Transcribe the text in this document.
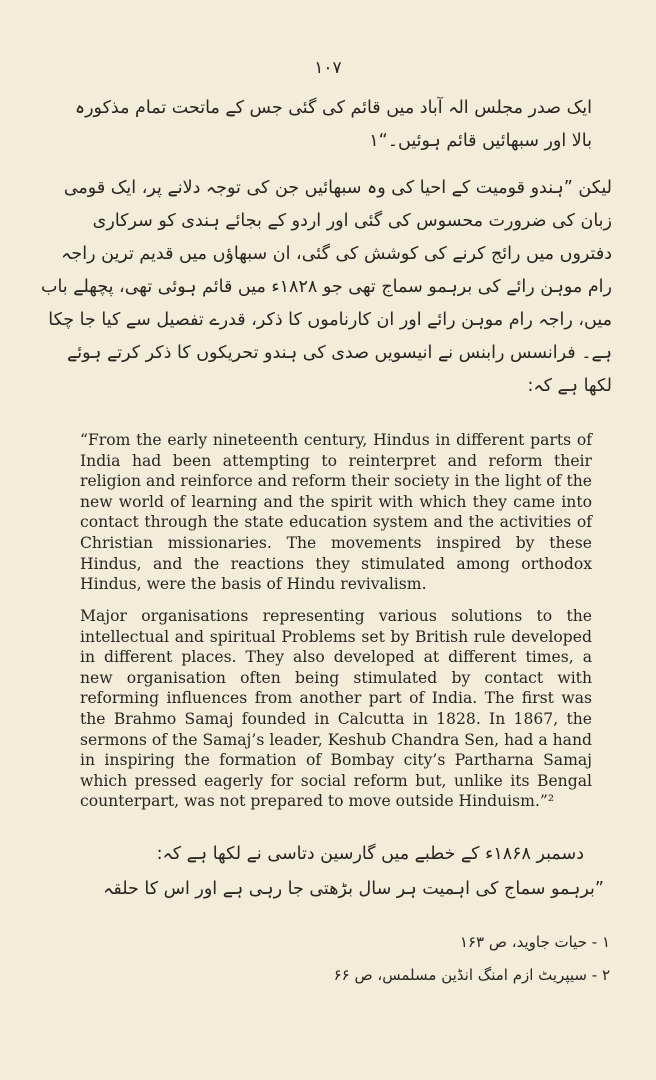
۱۰۷
ایک صدر مجلس الہ آباد میں قائم کی گئی جس کے ماتحت تمام مذکورہ بالا اور سبھائیں قائم ہوئیں۔“۱
لیکن ”ہندو قومیت کے احیا کی وہ سبھائیں جن کی توجہ دلانے پر، ایک قومی زبان کی ضرورت محسوس کی گئی اور اردو کے بجائے ہندی کو سرکاری دفتروں میں رائج کرنے کی کوشش کی گئی، ان سبھاؤں میں قدیم ترین راجہ رام موہن رائے کی برہمو سماج تھی جو ۱۸۲۸ء میں قائم ہوئی تھی، پچھلے باب میں، راجہ رام موہن رائے اور ان کارناموں کا ذکر، قدرے تفصیل سے کیا جا چکا ہے۔ فرانسس رابنس نے انیسویں صدی کی ہندو تحریکوں کا ذکر کرتے ہوئے لکھا ہے کہ:

“From the early nineteenth century, Hindus in different parts of India had been attempting to reinterpret and reform their religion and reinforce and reform their society in the light of the new world of learning and the spirit with which they came into contact through the state education system and the activities of Christian missionaries. The movements inspired by these Hindus, and the reactions they stimulated among orthodox Hindus, were the basis of Hindu revivalism.

Major organisations representing various solutions to the intellectual and spiritual Problems set by British rule developed in different places. They also developed at different times, a new organisation often being stimulated by contact with reforming influences from another part of India. The first was the Brahmo Samaj founded in Calcutta in 1828. In 1867, the sermons of the Samaj’s leader, Keshub Chandra Sen, had a hand in inspiring the formation of Bombay city’s Partharna Samaj which pressed eagerly for social reform but, unlike its Bengal counterpart, was not prepared to move outside Hinduism.”²

دسمبر ۱۸۶۸ء کے خطبے میں گارسین دتاسی نے لکھا ہے کہ:
”برہمو سماج کی اہمیت ہر سال بڑھتی جا رہی ہے اور اس کا حلقہ
۱ - حیات جاوید، ص ۱۶۳
۲ - سیپریٹ ازم امنگ انڈین مسلمس، ص ۶۶
